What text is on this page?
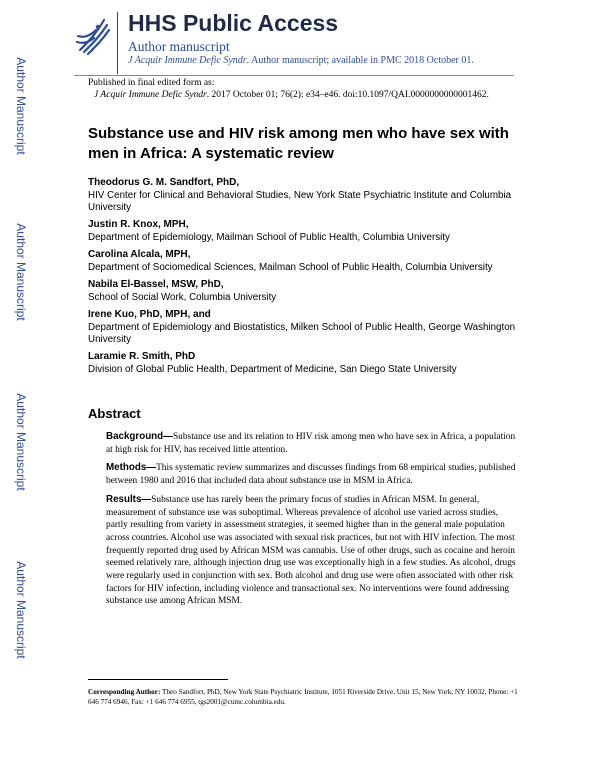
HHS Public Access
Author manuscript
J Acquir Immune Defic Syndr. Author manuscript; available in PMC 2018 October 01.
Author Manuscript
Author Manuscript
Author Manuscript
Author Manuscript
Published in final edited form as:
J Acquir Immune Defic Syndr. 2017 October 01; 76(2): e34–e46. doi:10.1097/QAI.0000000000001462.
Substance use and HIV risk among men who have sex with men in Africa: A systematic review
Theodorus G. M. Sandfort, PhD,
HIV Center for Clinical and Behavioral Studies, New York State Psychiatric Institute and Columbia University
Justin R. Knox, MPH,
Department of Epidemiology, Mailman School of Public Health, Columbia University
Carolina Alcala, MPH,
Department of Sociomedical Sciences, Mailman School of Public Health, Columbia University
Nabila El-Bassel, MSW, PhD,
School of Social Work, Columbia University
Irene Kuo, PhD, MPH, and
Department of Epidemiology and Biostatistics, Milken School of Public Health, George Washington University
Laramie R. Smith, PhD
Division of Global Public Health, Department of Medicine, San Diego State University
Abstract
Background—Substance use and its relation to HIV risk among men who have sex in Africa, a population at high risk for HIV, has received little attention.
Methods—This systematic review summarizes and discusses findings from 68 empirical studies, published between 1980 and 2016 that included data about substance use in MSM in Africa.
Results—Substance use has rarely been the primary focus of studies in African MSM. In general, measurement of substance use was suboptimal. Whereas prevalence of alcohol use varied across studies, partly resulting from variety in assessment strategies, it seemed higher than in the general male population across countries. Alcohol use was associated with sexual risk practices, but not with HIV infection. The most frequently reported drug used by African MSM was cannabis. Use of other drugs, such as cocaine and heroin seemed relatively rare, although injection drug use was exceptionally high in a few studies. As alcohol, drugs were regularly used in conjunction with sex. Both alcohol and drug use were often associated with other risk factors for HIV infection, including violence and transactional sex. No interventions were found addressing substance use among African MSM.
Corresponding Author: Theo Sandfort, PhD, New York State Psychiatric Institute, 1051 Riverside Drive, Unit 15, New York, NY 10032, Phone: +1 646 774 6946, Fax: +1 646 774 6955, tgs2001@cumc.columbia.edu.
